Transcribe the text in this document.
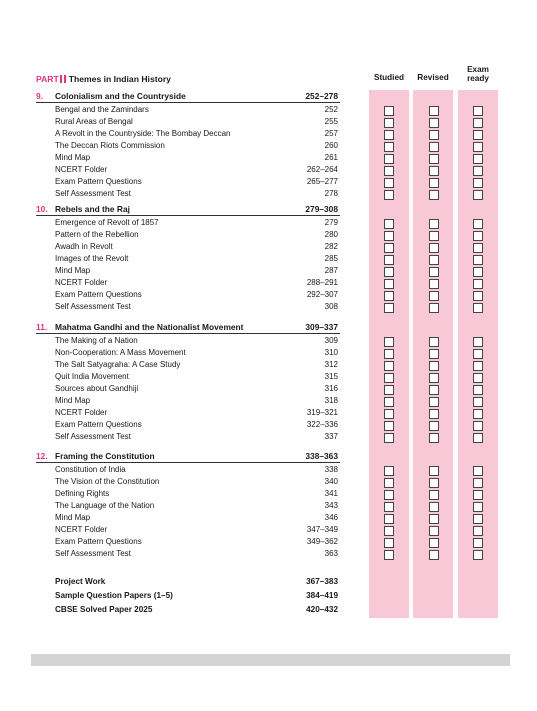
PART Themes in Indian History	Studied	Revised
Exam ready
9. Colonialism and the Countryside	252–278
Bengal and the Zamindars	252
Rural Areas of Bengal	255
A Revolt in the Countryside: The Bombay Deccan	257
The Deccan Riots Commission	260
Mind Map	261
NCERT Folder	262–264
Exam Pattern Questions	265–277
Self Assessment Test	278
10. Rebels and the Raj	279–308
Emergence of Revolt of 1857	279
Pattern of the Rebellion	280
Awadh in Revolt	282
Images of the Revolt	285
Mind Map	287
NCERT Folder	288–291
Exam Pattern Questions	292–307
Self Assessment Test	308
11. Mahatma Gandhi and the Nationalist Movement	309–337
The Making of a Nation	309
Non-Cooperation: A Mass Movement	310
The Salt Satyagraha: A Case Study	312
Quit India Movement	315
Sources about Gandhiji	316
Mind Map	318
NCERT Folder	319–321
Exam Pattern Questions	322–336
Self Assessment Test	337
12. Framing the Constitution	338–363
Constitution of India	338
The Vision of the Constitution	340
Defining Rights	341
The Language of the Nation	343
Mind Map	346
NCERT Folder	347–349
Exam Pattern Questions	349–362
Self Assessment Test	363
Project Work	367–383
Sample Question Papers (1–5)	384–419
CBSE Solved Paper 2025	420–432
